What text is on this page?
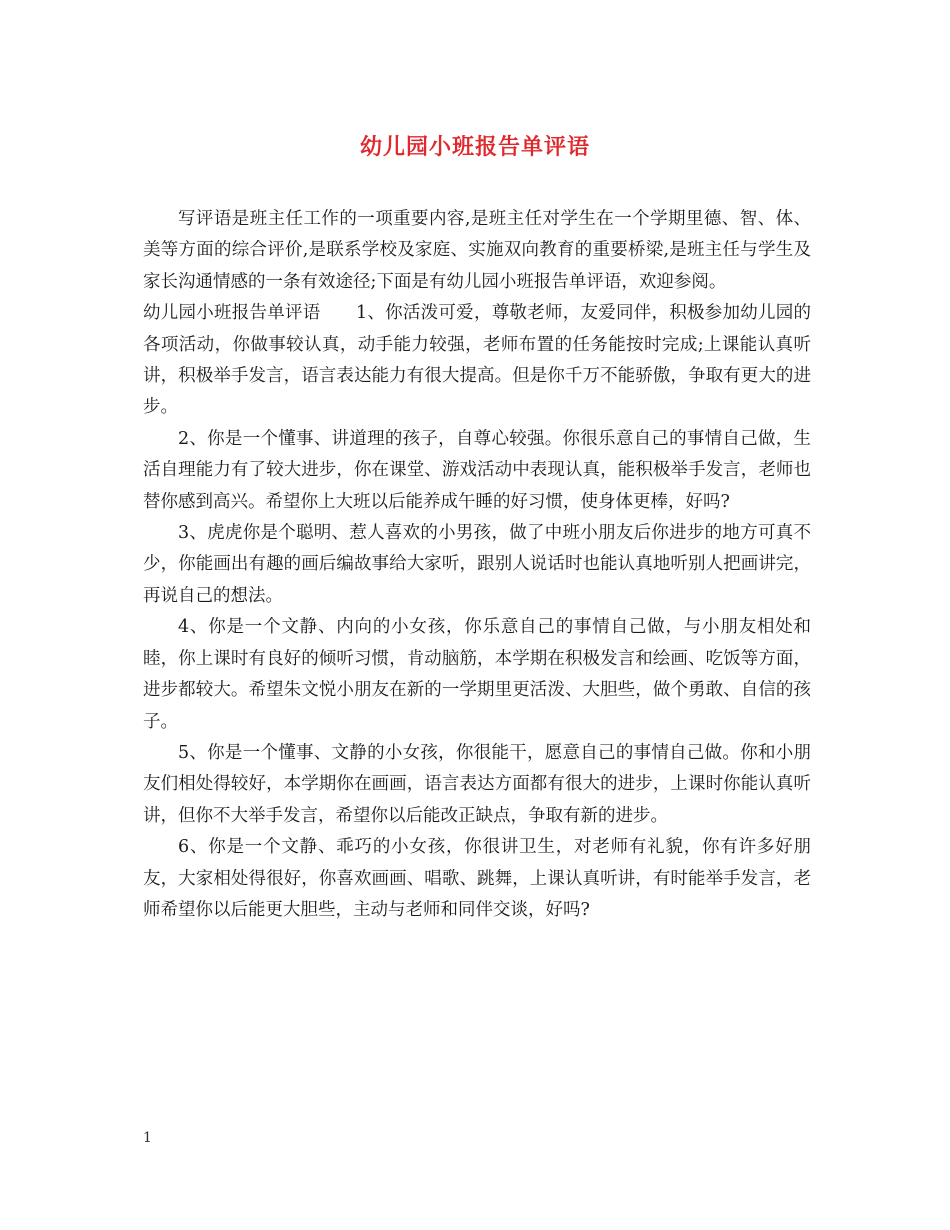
幼儿园小班报告单评语

写评语是班主任工作的一项重要内容,是班主任对学生在一个学期里德、智、体、美等方面的综合评价,是联系学校及家庭、实施双向教育的重要桥梁,是班主任与学生及家长沟通情感的一条有效途径;下面是有幼儿园小班报告单评语，欢迎参阅。

幼儿园小班报告单评语　　1、你活泼可爱，尊敬老师，友爱同伴，积极参加幼儿园的各项活动，你做事较认真，动手能力较强，老师布置的任务能按时完成;上课能认真听讲，积极举手发言，语言表达能力有很大提高。但是你千万不能骄傲，争取有更大的进步。

2、你是一个懂事、讲道理的孩子，自尊心较强。你很乐意自己的事情自己做，生活自理能力有了较大进步，你在课堂、游戏活动中表现认真，能积极举手发言，老师也替你感到高兴。希望你上大班以后能养成午睡的好习惯，使身体更棒，好吗?

3、虎虎你是个聪明、惹人喜欢的小男孩，做了中班小朋友后你进步的地方可真不少，你能画出有趣的画后编故事给大家听，跟别人说话时也能认真地听别人把画讲完，再说自己的想法。

4、你是一个文静、内向的小女孩，你乐意自己的事情自己做，与小朋友相处和睦，你上课时有良好的倾听习惯，肯动脑筋，本学期在积极发言和绘画、吃饭等方面，进步都较大。希望朱文悦小朋友在新的一学期里更活泼、大胆些，做个勇敢、自信的孩子。

5、你是一个懂事、文静的小女孩，你很能干，愿意自己的事情自己做。你和小朋友们相处得较好，本学期你在画画，语言表达方面都有很大的进步，上课时你能认真听讲，但你不大举手发言，希望你以后能改正缺点，争取有新的进步。

6、你是一个文静、乖巧的小女孩，你很讲卫生，对老师有礼貌，你有许多好朋友，大家相处得很好，你喜欢画画、唱歌、跳舞，上课认真听讲，有时能举手发言，老师希望你以后能更大胆些，主动与老师和同伴交谈，好吗?

1
